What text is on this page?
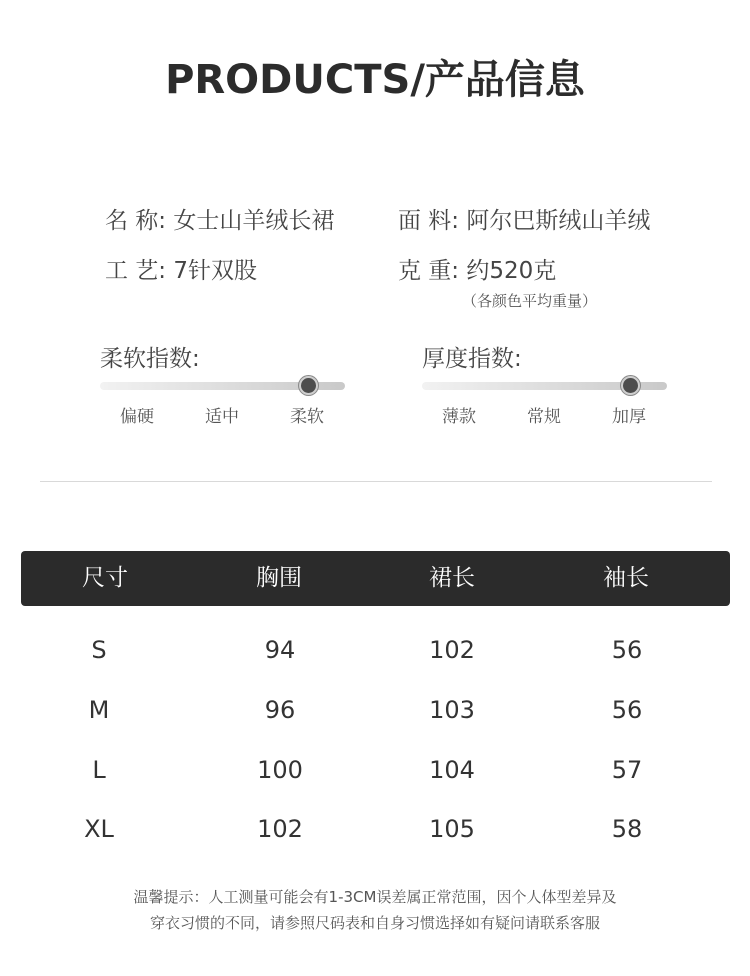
PRODUCTS/产品信息
名 称: 女士山羊绒长裙	面 料: 阿尔巴斯绒山羊绒
工 艺: 7针双股	克 重: 约520克
（各颜色平均重量）
柔软指数:
偏硬	适中	柔软
厚度指数:
薄款	常规	加厚
尺寸	胸围	裙长	袖长
S	94	102	56
M	96	103	56
L	100	104	57
XL	102	105	58
温馨提示：人工测量可能会有1-3CM误差属正常范围，因个人体型差异及
穿衣习惯的不同，请参照尺码表和自身习惯选择如有疑问请联系客服
